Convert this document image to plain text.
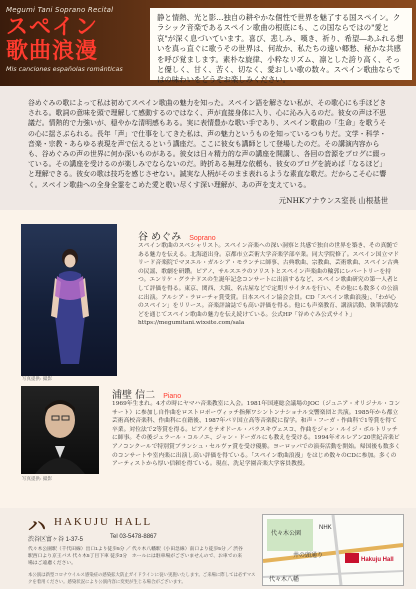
Megumi Tani Soprano Recital
スペイン
歌曲浪漫
Mis canciones españolas románticas
静と情熱、光と影…独自の耕やかな個性で世界を魅了する国スペイン。クラシック音楽であるスペイン歌曲の根底にも、この国ならではの"愛と哀"が深く息づいています。喜び、悲しみ、嘆き、祈り、希望―あふれる想いを真っ直ぐに歌うその世界は、何故か、私たちの遠い郷愁、秘かな共感を呼び覚まします。素朴な旋律、小粋なリズム、凛とした誇り高く、そっと優しく、甘く、苦く、切なく、愛おしい歌の数々。スペイン歌曲ならではの味わいをどうぞお楽しみください。
谷めぐみの歌によって私は初めてスペイン歌曲の魅力を知った。スペイン語を解さない私が、その歌心にも手ほどきされる。歌詞の意味を頭で理解して感動するのではなく、声が直接身体に入り、心に沁み入るのだ。彼女の声は不思議だ。情熱的で力強いが、穏やかな清明感もある。実に表情豊かな歌い手であり、スペイン歌曲の「生命」を歌うその心に揺さぶられる。長年「声」で仕事をしてきた私は、声の魅力というものを知っているつもりだ。文学・科学・音楽・宗教・あらゆる表現を声で伝えるという講座だ。ここに彼女も講師として登場したのだ。その講演内容からも、谷めぐみの声の世界に何か深いものがある。彼女は日々精力的な声の講座を開講し、各回の音源をブログに綴っている。その講座を受けるのが楽しみでならないのだ。時折ある無理な依頼も、彼女のブログを読めば「なるほど」と理解できる。彼女の歌は技巧を感じさせない。誠実な人柄がそのまま表れるような素直な歌だ。だからこそ心に響く。スペイン歌曲への全身全霊をこめた愛と敬い尽くす深い理解が、あの声を支えている。
元NHKアナウンス室長 山根基世
写真提供: 撮影
谷 めぐみ Soprano
スペイン歌曲のスペシャリスト。スペイン音楽への深い洞察と共感で独自の世界を築き、その真髄である魅力を伝える。北海道出身。京都市立芸術大学音楽学部卒業。同大学院修了。スペイン国立マドリード音楽院でマヌエル・ガルシア・モランテに師事、古典歌曲、宗教曲、芸術歌曲、スペイン古典の民謡、歌劇を研鑽。ピアノ、サルスエラのソリストとスペイン声楽曲の輪郭にレパートリーを持つ。エンリケ・グラナドスの生誕年記念コンサートに出演するなど、スペイン歌曲研究の第一人者として評価を得る。東京、関西、大阪、名古屋などで定期リサイタルを行い、その他にも数多くの公演に出演。アルシア・ラローチャ賞受賞。日本スペイン協会会員。CD「スペイン歌曲浪漫」、「わが心のスペイン」をリリース。音楽評論誌でも高い評価を得る。他にも声楽教育、講演活動、執筆活動などを通じてスペイン歌曲の魅力を伝え続けている。公式HP「谷めぐみ公式サイト」https://megumitani.wixsite.com/sala
写真提供: 撮影
浦壁 信二 Piano
1969年生まれ。4才の時にヤマハ音楽教室に入会。1981年国連総会議場のJOC（ジュニア・オリジナル・コンサート）に参加し自作曲をロストロポーヴィッチ指揮ワシントンナショナル交響楽団と共演。1985年から都立芸術高校音楽科、作曲科に在籍後、1987年パリ国立高等音楽院に留学。和声・フーガ・作曲科で1等賞を得て卒業。対位法で2等賞を得る。ピアノをテオドール・パラスキヴェスコ、作曲をジャン・ルイジ・ボルトリッチに師事。その後ジェラール・コルノエ、ジャン・ドーガルにも教えを受ける。1994年オルレアン20世紀音楽ピアノコンクールで特別賞ブランシュ・セルヴァ賞を受け優勝。ヨーロッパでの演奏活動を開始。帰国後も数多くのコンサートや室内楽に出演し高い評価を得ている。「スペイン歌曲浪漫」をはじめ数々のCDに参加。多くのアーティストから厚い信頼を得ている。現在、洗足学園音楽大学客員教授。
ハ HAKUJU HALL
渋谷区富ヶ谷 1-37-5	Tel 03-5478-8867
代々木公園駅（千代田線）出口1より徒歩5分 ／ 代々木八幡駅（小田急線）南口より徒歩5分 ／ 渋谷駅西口より京王バス 代々木5丁目下車 徒歩3分　ホールには駐車場がございませんので、お車での来場はご遠慮ください。
本公演は新型コロナウイルス感染症の感染拡大防止ガイドラインに従い実施いたします。ご来場に際しては必ずマスクを着用ください。感染状況により公演内容に変更が生じる場合がございます。
代々木公園
NHK
Hakuju Hall
井の頭通り
代々木八幡
